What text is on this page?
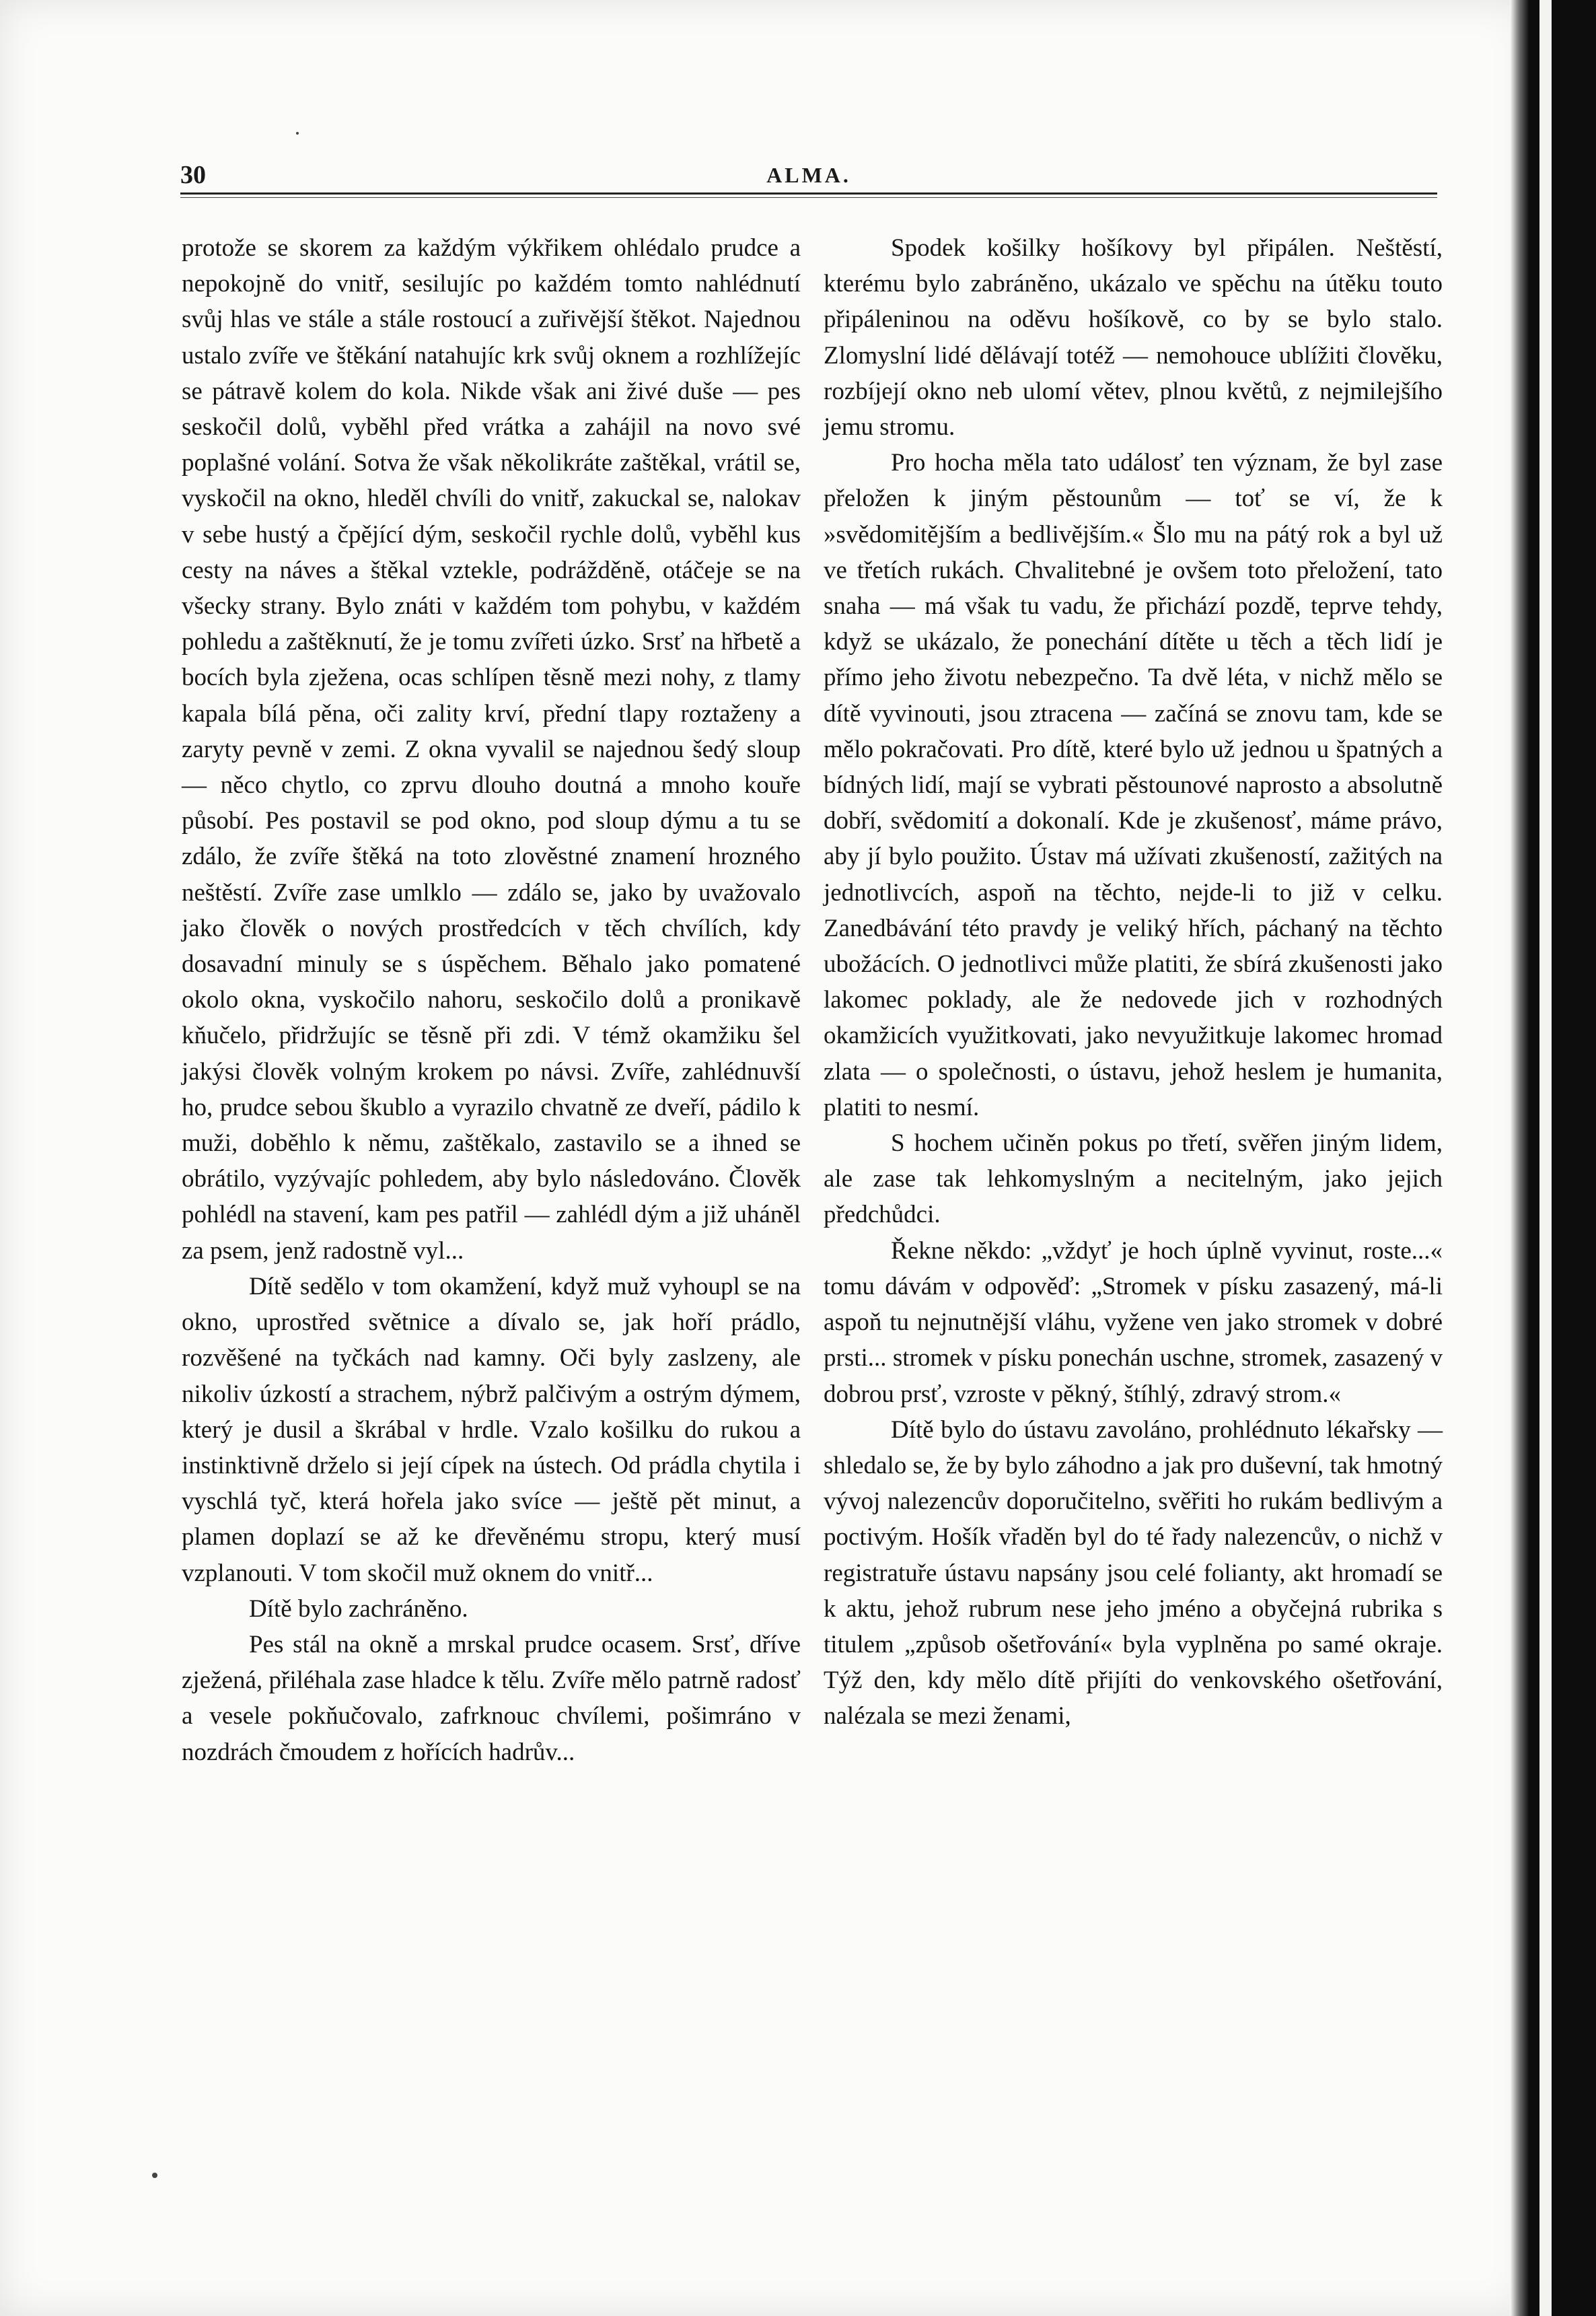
30	ALMA.

protože se skorem za každým výkřikem ohlédalo prudce a nepokojně do vnitř, sesilujíc po každém tomto nahlédnutí svůj hlas ve stále a stále rostoucí a zuřivější štěkot. Najednou ustalo zvíře ve štěkání natahujíc krk svůj oknem a rozhlížejíc se pátravě kolem do kola. Nikde však ani živé duše — pes seskočil dolů, vyběhl před vrátka a zahájil na novo své poplašné volání. Sotva že však několikráte zaštěkal, vrátil se, vyskočil na okno, hleděl chvíli do vnitř, zakuckal se, nalokav v sebe hustý a čpějící dým, seskočil rychle dolů, vyběhl kus cesty na náves a štěkal vztekle, podrážděně, otáčeje se na všecky strany. Bylo znáti v každém tom pohybu, v každém pohledu a zaštěknutí, že je tomu zvířeti úzko. Srsť na hřbetě a bocích byla zježena, ocas schlípen těsně mezi nohy, z tlamy kapala bílá pěna, oči zality krví, přední tlapy roztaženy a zaryty pevně v zemi. Z okna vyvalil se najednou šedý sloup — něco chytlo, co zprvu dlouho doutná a mnoho kouře působí. Pes postavil se pod okno, pod sloup dýmu a tu se zdálo, že zvíře štěká na toto zlověstné znamení hrozného neštěstí. Zvíře zase umlklo — zdálo se, jako by uvažovalo jako člověk o nových prostředcích v těch chvílích, kdy dosavadní minuly se s úspěchem. Běhalo jako pomatené okolo okna, vyskočilo nahoru, seskočilo dolů a pronikavě kňučelo, přidržujíc se těsně při zdi. V témž okamžiku šel jakýsi člověk volným krokem po návsi. Zvíře, zahlédnuvší ho, prudce sebou škublo a vyrazilo chvatně ze dveří, pádilo k muži, doběhlo k němu, zaštěkalo, zastavilo se a ihned se obrátilo, vyzývajíc pohledem, aby bylo následováno. Člověk pohlédl na stavení, kam pes patřil — zahlédl dým a již uháněl za psem, jenž radostně vyl...

Dítě sedělo v tom okamžení, když muž vyhoupl se na okno, uprostřed světnice a dívalo se, jak hoří prádlo, rozvěšené na tyčkách nad kamny. Oči byly zaslzeny, ale nikoliv úzkostí a strachem, nýbrž palčivým a ostrým dýmem, který je dusil a škrábal v hrdle. Vzalo košilku do rukou a instinktivně drželo si její cípek na ústech. Od prádla chytila i vyschlá tyč, která hořela jako svíce — ještě pět minut, a plamen doplazí se až ke dřevěnému stropu, který musí vzplanouti. V tom skočil muž oknem do vnitř...

Dítě bylo zachráněno.

Pes stál na okně a mrskal prudce ocasem. Srsť, dříve zježená, přiléhala zase hladce k tělu. Zvíře mělo patrně radosť a vesele pokňučovalo, zafrknouc chvílemi, pošimráno v nozdrách čmoudem z hořících hadrův...

Spodek košilky hošíkovy byl připálen. Neštěstí, kterému bylo zabráněno, ukázalo ve spěchu na útěku touto připáleninou na oděvu hošíkově, co by se bylo stalo. Zlomyslní lidé dělávají totéž — nemohouce ublížiti člověku, rozbíjejí okno neb ulomí větev, plnou květů, z nejmilejšího jemu stromu.

Pro hocha měla tato událosť ten význam, že byl zase přeložen k jiným pěstounům — toť se ví, že k »svědomitějším a bedlivějším.« Šlo mu na pátý rok a byl už ve třetích rukách. Chvalitebné je ovšem toto přeložení, tato snaha — má však tu vadu, že přichází pozdě, teprve tehdy, když se ukázalo, že ponechání dítěte u těch a těch lidí je přímo jeho životu nebezpečno. Ta dvě léta, v nichž mělo se dítě vyvinouti, jsou ztracena — začíná se znovu tam, kde se mělo pokračovati. Pro dítě, které bylo už jednou u špatných a bídných lidí, mají se vybrati pěstounové naprosto a absolutně dobří, svědomití a dokonalí. Kde je zkušenosť, máme právo, aby jí bylo použito. Ústav má užívati zkušeností, zažitých na jednotlivcích, aspoň na těchto, nejde-li to již v celku. Zanedbávání této pravdy je veliký hřích, páchaný na těchto ubožácích. O jednotlivci může platiti, že sbírá zkušenosti jako lakomec poklady, ale že nedovede jich v rozhodných okamžicích využitkovati, jako nevyužitkuje lakomec hromad zlata — o společnosti, o ústavu, jehož heslem je humanita, platiti to nesmí.

S hochem učiněn pokus po třetí, svěřen jiným lidem, ale zase tak lehkomyslným a necitelným, jako jejich předchůdci.

Řekne někdo: „vždyť je hoch úplně vyvinut, roste...« tomu dávám v odpověď: „Stromek v písku zasazený, má-li aspoň tu nejnutnější vláhu, vyžene ven jako stromek v dobré prsti... stromek v písku ponechán uschne, stromek, zasazený v dobrou prsť, vzroste v pěkný, štíhlý, zdravý strom.«

Dítě bylo do ústavu zavoláno, prohlédnuto lékařsky — shledalo se, že by bylo záhodno a jak pro duševní, tak hmotný vývoj nalezencův doporučitelno, svěřiti ho rukám bedlivým a poctivým. Hošík vřaděn byl do té řady nalezencův, o nichž v registratuře ústavu napsány jsou celé folianty, akt hromadí se k aktu, jehož rubrum nese jeho jméno a obyčejná rubrika s titulem „způsob ošetřování« byla vyplněna po samé okraje. Týž den, kdy mělo dítě přijíti do venkovského ošetřování, nalézala se mezi ženami,
